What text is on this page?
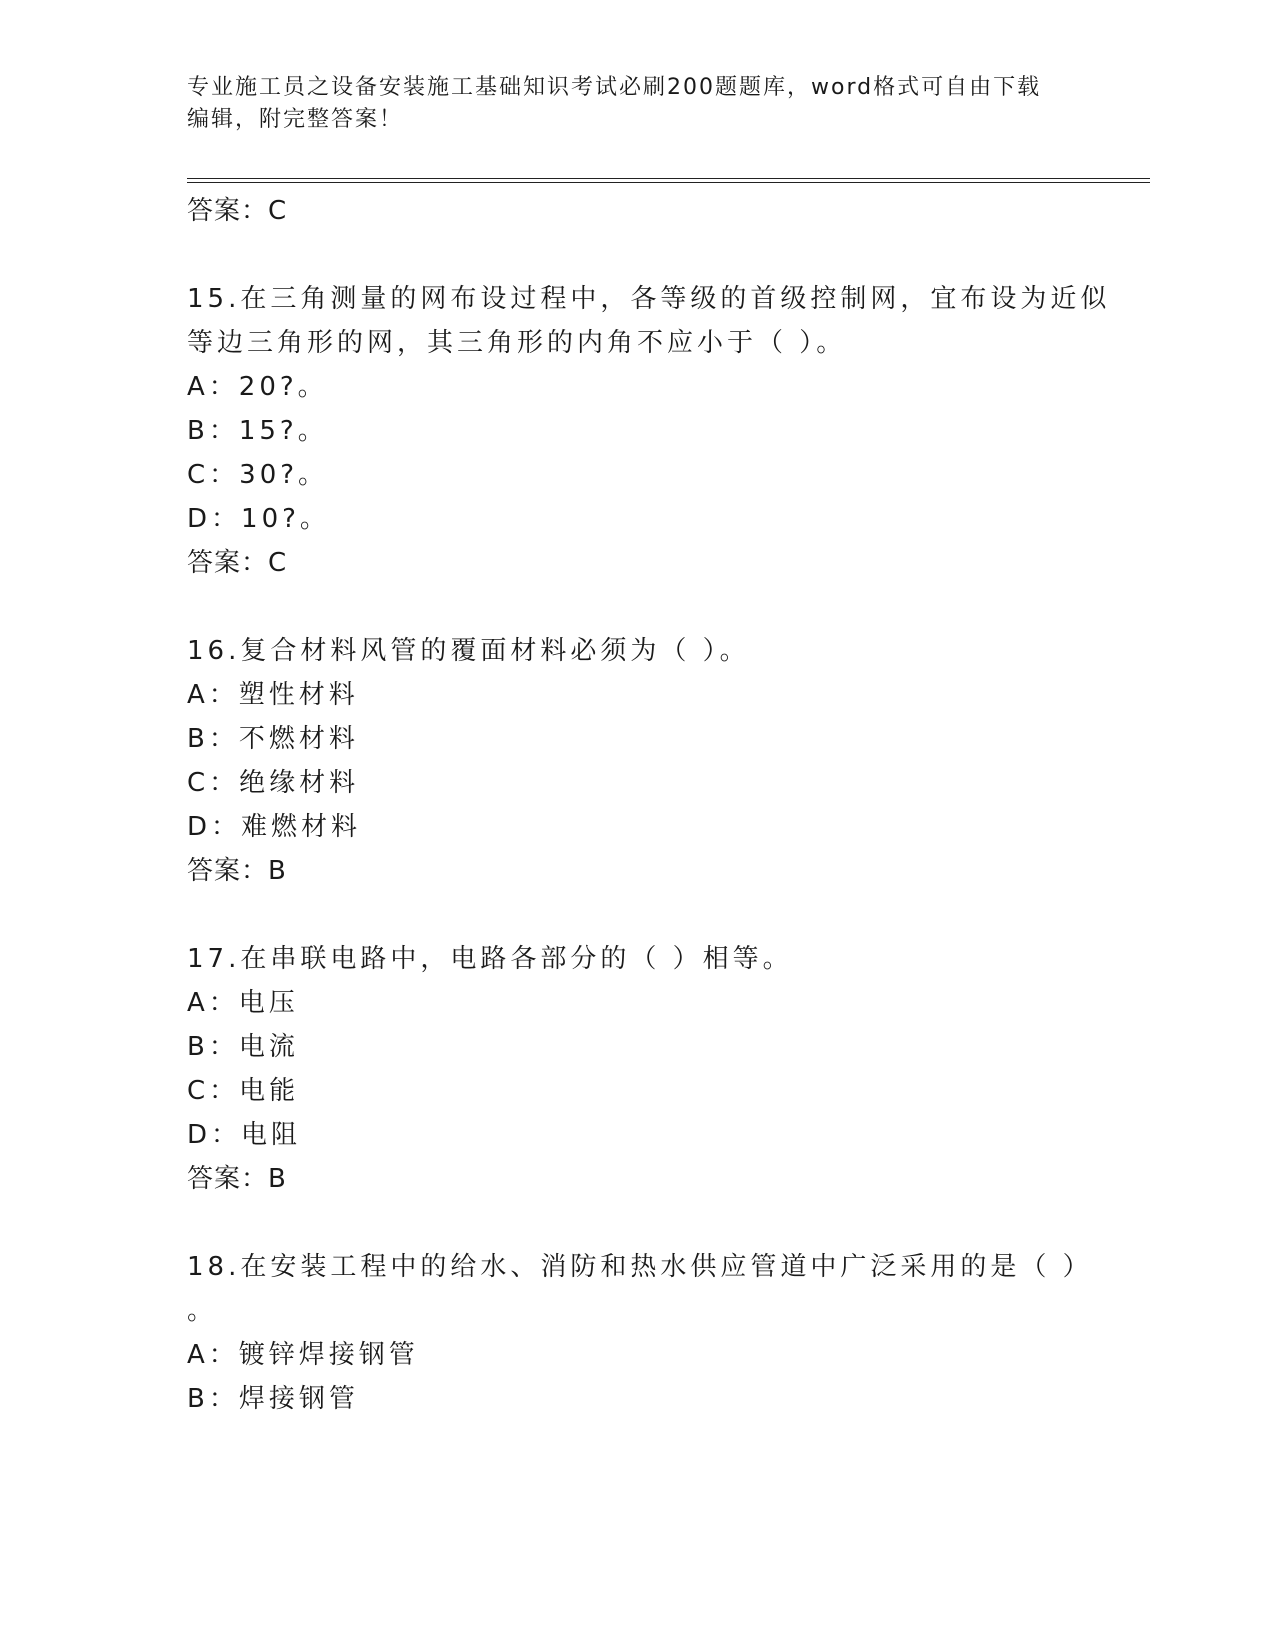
专业施工员之设备安装施工基础知识考试必刷200题题库，word格式可自由下载
编辑，附完整答案！
答案：C
15.在三角测量的网布设过程中，各等级的首级控制网，宜布设为近似
等边三角形的网，其三角形的内角不应小于（ ）。
A：20?。
B：15?。
C：30?。
D：10?。
答案：C
16.复合材料风管的覆面材料必须为（ ）。
A：塑性材料
B：不燃材料
C：绝缘材料
D：难燃材料
答案：B
17.在串联电路中，电路各部分的（ ）相等。
A：电压
B：电流
C：电能
D：电阻
答案：B
18.在安装工程中的给水、消防和热水供应管道中广泛采用的是（ ）
。
A：镀锌焊接钢管
B：焊接钢管
